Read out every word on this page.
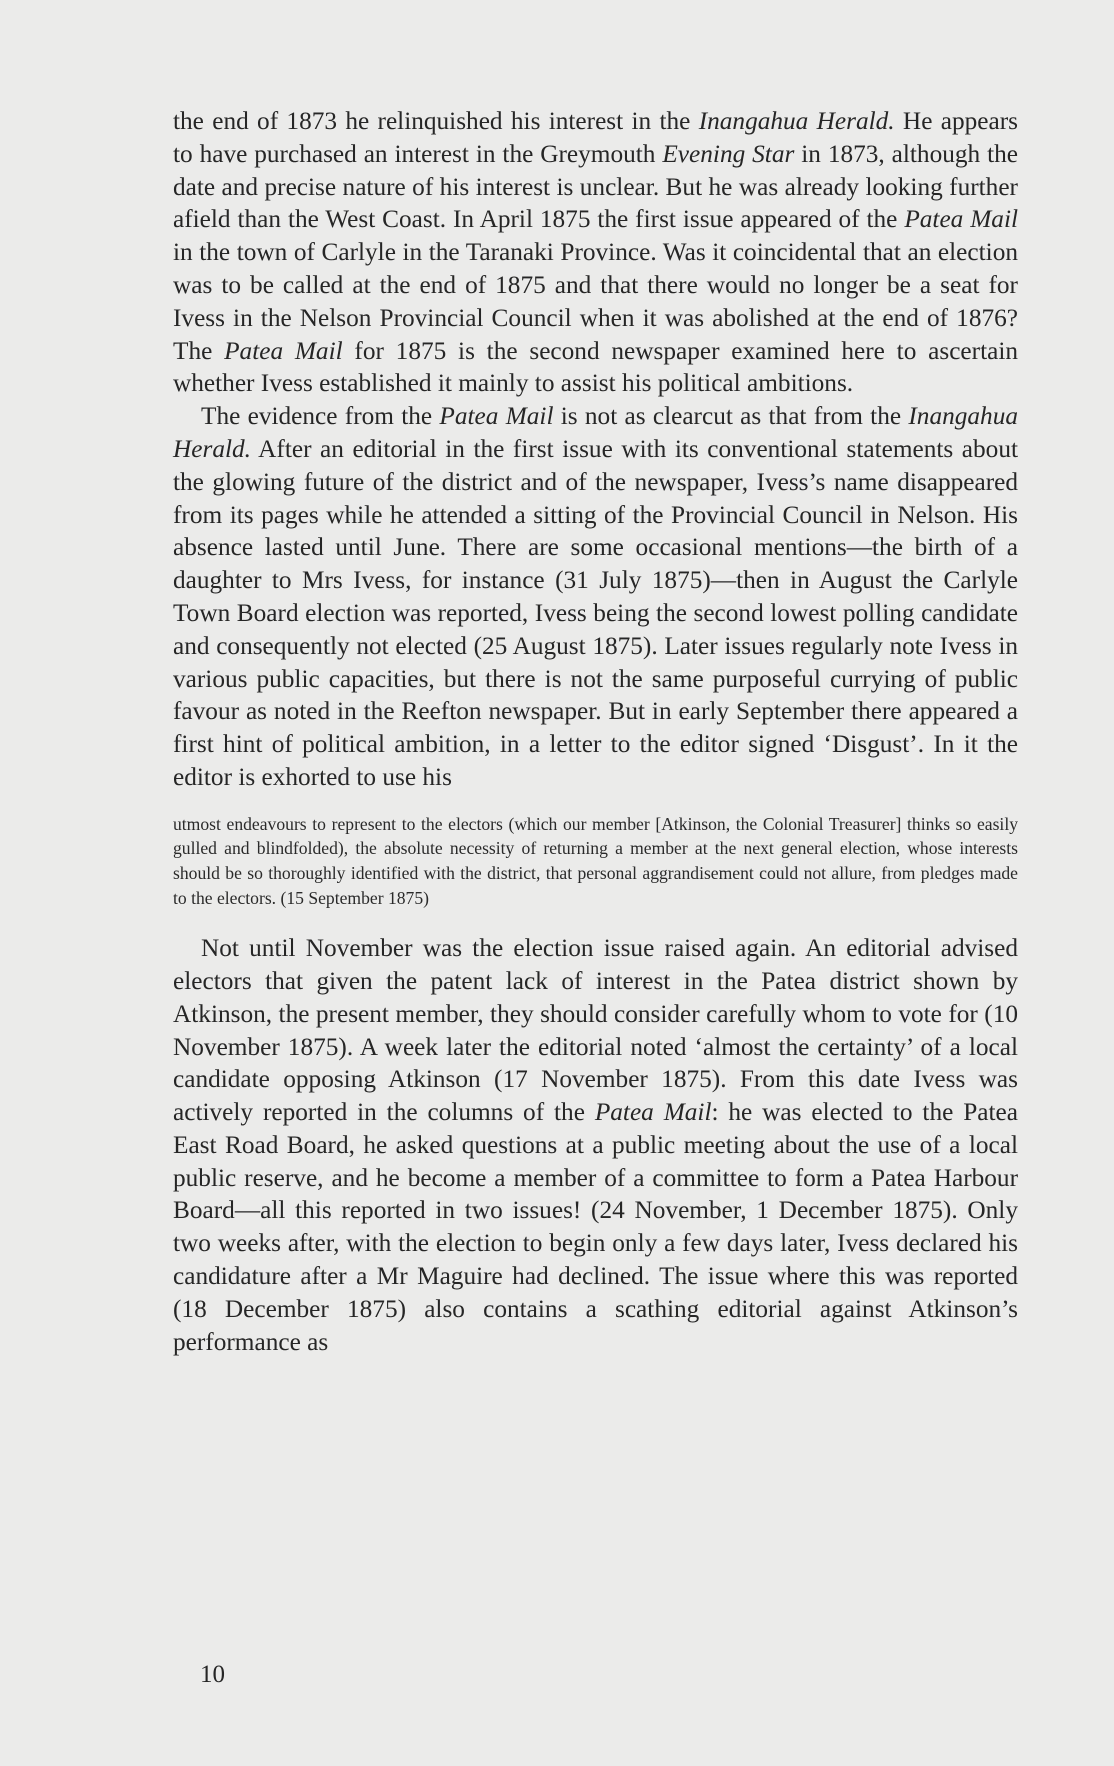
the end of 1873 he relinquished his interest in the Inangahua Herald. He appears to have purchased an interest in the Greymouth Evening Star in 1873, although the date and precise nature of his interest is unclear. But he was already looking further afield than the West Coast. In April 1875 the first issue appeared of the Patea Mail in the town of Carlyle in the Taranaki Province. Was it coincidental that an election was to be called at the end of 1875 and that there would no longer be a seat for Ivess in the Nelson Provincial Council when it was abolished at the end of 1876? The Patea Mail for 1875 is the second newspaper examined here to ascertain whether Ivess established it mainly to assist his political ambitions.

The evidence from the Patea Mail is not as clearcut as that from the Inangahua Herald. After an editorial in the first issue with its conventional statements about the glowing future of the district and of the newspaper, Ivess’s name disappeared from its pages while he attended a sitting of the Provincial Council in Nelson. His absence lasted until June. There are some occasional mentions—the birth of a daughter to Mrs Ivess, for instance (31 July 1875)—then in August the Carlyle Town Board election was reported, Ivess being the second lowest polling candidate and consequently not elected (25 August 1875). Later issues regularly note Ivess in various public capacities, but there is not the same purposeful currying of public favour as noted in the Reefton newspaper. But in early September there appeared a first hint of political ambition, in a letter to the editor signed ‘Disgust’. In it the editor is exhorted to use his

utmost endeavours to represent to the electors (which our member [Atkinson, the Colonial Treasurer] thinks so easily gulled and blindfolded), the absolute necessity of returning a member at the next general election, whose interests should be so thoroughly identified with the district, that personal aggrandisement could not allure, from pledges made to the electors. (15 September 1875)

Not until November was the election issue raised again. An editorial advised electors that given the patent lack of interest in the Patea district shown by Atkinson, the present member, they should consider carefully whom to vote for (10 November 1875). A week later the editorial noted ‘almost the certainty’ of a local candidate opposing Atkinson (17 November 1875). From this date Ivess was actively reported in the columns of the Patea Mail: he was elected to the Patea East Road Board, he asked questions at a public meeting about the use of a local public reserve, and he become a member of a committee to form a Patea Harbour Board—all this reported in two issues! (24 November, 1 December 1875). Only two weeks after, with the election to begin only a few days later, Ivess declared his candidature after a Mr Maguire had declined. The issue where this was reported (18 December 1875) also contains a scathing editorial against Atkinson’s performance as

10
